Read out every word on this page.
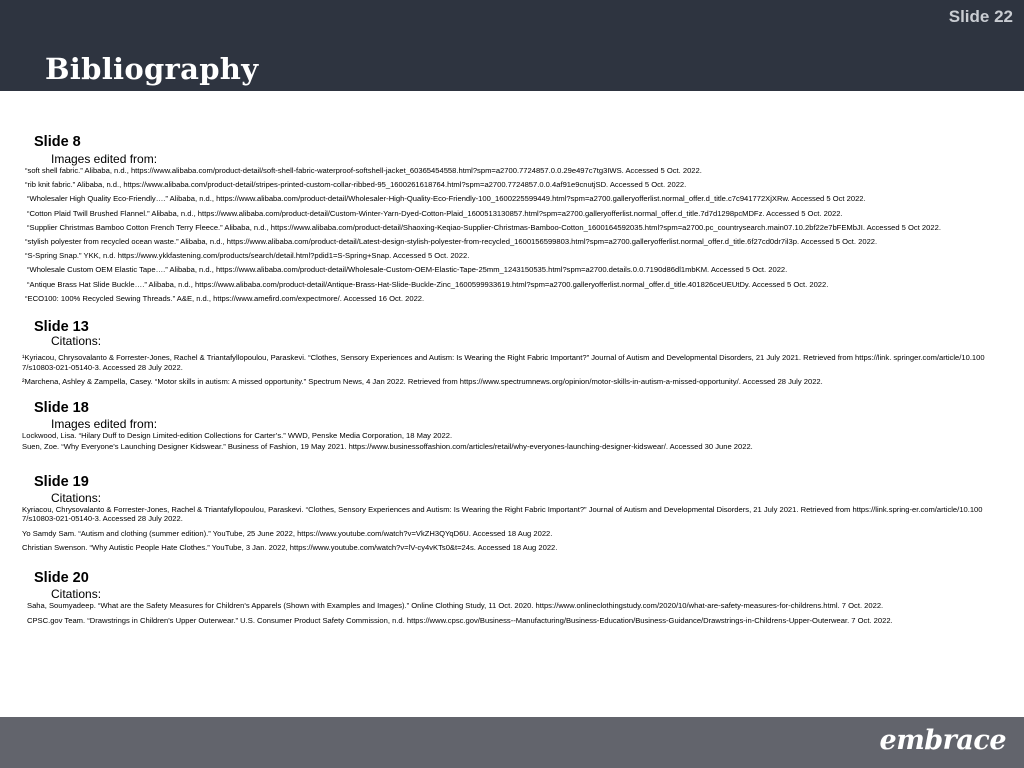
Slide 22
Bibliography
Slide 8
Images edited from:
“soft shell fabric.” Alibaba, n.d., https://www.alibaba.com/product-detail/soft-shell-fabric-waterproof-softshell-jacket_60365454558.html?spm=a2700.7724857.0.0.29e497c7tg3IWS. Accessed 5 Oct. 2022.
“rib knit fabric.” Alibaba, n.d., https://www.alibaba.com/product-detail/stripes-printed-custom-collar-ribbed-95_1600261618764.html?spm=a2700.7724857.0.0.4af91e9cnutjSD. Accessed 5 Oct. 2022.
“Wholesaler High Quality Eco-Friendly….” Alibaba, n.d., https://www.alibaba.com/product-detail/Wholesaler-High-Quality-Eco-Friendly-100_1600225599449.html?spm=a2700.galleryofferlist.normal_offer.d_title.c7c941772XjXRw. Accessed 5 Oct 2022.
“Cotton Plaid Twill Brushed Flannel.” Alibaba, n.d., https://www.alibaba.com/product-detail/Custom-Winter-Yarn-Dyed-Cotton-Plaid_1600513130857.html?spm=a2700.galleryofferlist.normal_offer.d_title.7d7d1298pcMDFz. Accessed 5 Oct. 2022.
“Supplier Christmas Bamboo Cotton French Terry Fleece.” Alibaba, n.d., https://www.alibaba.com/product-detail/Shaoxing-Keqiao-Supplier-Christmas-Bamboo-Cotton_1600164592035.html?spm=a2700.pc_countrysearch.main07.10.2bf22e7bFEMbJI. Accessed 5 Oct 2022.
“stylish polyester from recycled ocean waste.” Alibaba, n.d., https://www.alibaba.com/product-detail/Latest-design-stylish-polyester-from-recycled_1600156599803.html?spm=a2700.galleryofferlist.normal_offer.d_title.6f27cd0dr7il3p. Accessed 5 Oct. 2022.
“S-Spring Snap.” YKK, n.d. https://www.ykkfastening.com/products/search/detail.html?pdid1=S-Spring+Snap. Accessed 5 Oct. 2022.
“Wholesale Custom OEM Elastic Tape….” Alibaba, n.d., https://www.alibaba.com/product-detail/Wholesale-Custom-OEM-Elastic-Tape-25mm_1243150535.html?spm=a2700.details.0.0.7190d86dl1mbKM. Accessed 5 Oct. 2022.
“Antique Brass Hat Slide Buckle….” Alibaba, n.d., https://www.alibaba.com/product-detail/Antique-Brass-Hat-Slide-Buckle-Zinc_1600599933619.html?spm=a2700.galleryofferlist.normal_offer.d_title.401826ceUEUtDy. Accessed 5 Oct. 2022.
“ECO100: 100% Recycled Sewing Threads.” A&E, n.d., https://www.amefird.com/expectmore/. Accessed 16 Oct. 2022.
Slide 13
Citations:
¹Kyriacou, Chrysovalanto & Forrester-Jones, Rachel & Triantafyllopoulou, Paraskevi. “Clothes, Sensory Experiences and Autism: Is Wearing the Right Fabric Important?” Journal of Autism and Developmental Disorders, 21 July 2021. Retrieved from https://link. springer.com/article/10.1007/s10803-021-05140-3. Accessed 28 July 2022.
²Marchena, Ashley & Zampella, Casey. “Motor skills in autism: A missed opportunity.” Spectrum News, 4 Jan 2022. Retrieved from https://www.spectrumnews.org/opinion/motor-skills-in-autism-a-missed-opportunity/. Accessed 28 July 2022.
Slide 18
Images edited from:
Lockwood, Lisa. “Hilary Duff to Design Limited-edition Collections for Carter’s.” WWD, Penske Media Corporation, 18 May 2022.
Suen, Zoe. “Why Everyone’s Launching Designer Kidswear.” Business of Fashion, 19 May 2021. https://www.businessoffashion.com/articles/retail/why-everyones-launching-designer-kidswear/. Accessed 30 June 2022.
Slide 19
Citations:
Kyriacou, Chrysovalanto & Forrester-Jones, Rachel & Triantafyllopoulou, Paraskevi. “Clothes, Sensory Experiences and Autism: Is Wearing the Right Fabric Important?” Journal of Autism and Developmental Disorders, 21 July 2021. Retrieved from https://link.spring-er.com/article/10.1007/s10803-021-05140-3. Accessed 28 July 2022.
Yo Samdy Sam. “Autism and clothing (summer edition).” YouTube, 25 June 2022, https://www.youtube.com/watch?v=VkZH3QYqD6U. Accessed 18 Aug 2022.
Christian Swenson. “Why Autistic People Hate Clothes.” YouTube, 3 Jan. 2022, https://www.youtube.com/watch?v=lV-cy4vKTs0&t=24s. Accessed 18 Aug 2022.
Slide 20
Citations:
Saha, Soumyadeep. “What are the Safety Measures for Children's Apparels (Shown with Examples and Images).” Online Clothing Study, 11 Oct. 2020. https://www.onlineclothingstudy.com/2020/10/what-are-safety-measures-for-childrens.html. 7 Oct. 2022.
CPSC.gov Team. “Drawstrings in Children's Upper Outerwear.” U.S. Consumer Product Safety Commission, n.d. https://www.cpsc.gov/Business--Manufacturing/Business-Education/Business-Guidance/Drawstrings-in-Childrens-Upper-Outerwear. 7 Oct. 2022.
embrace
